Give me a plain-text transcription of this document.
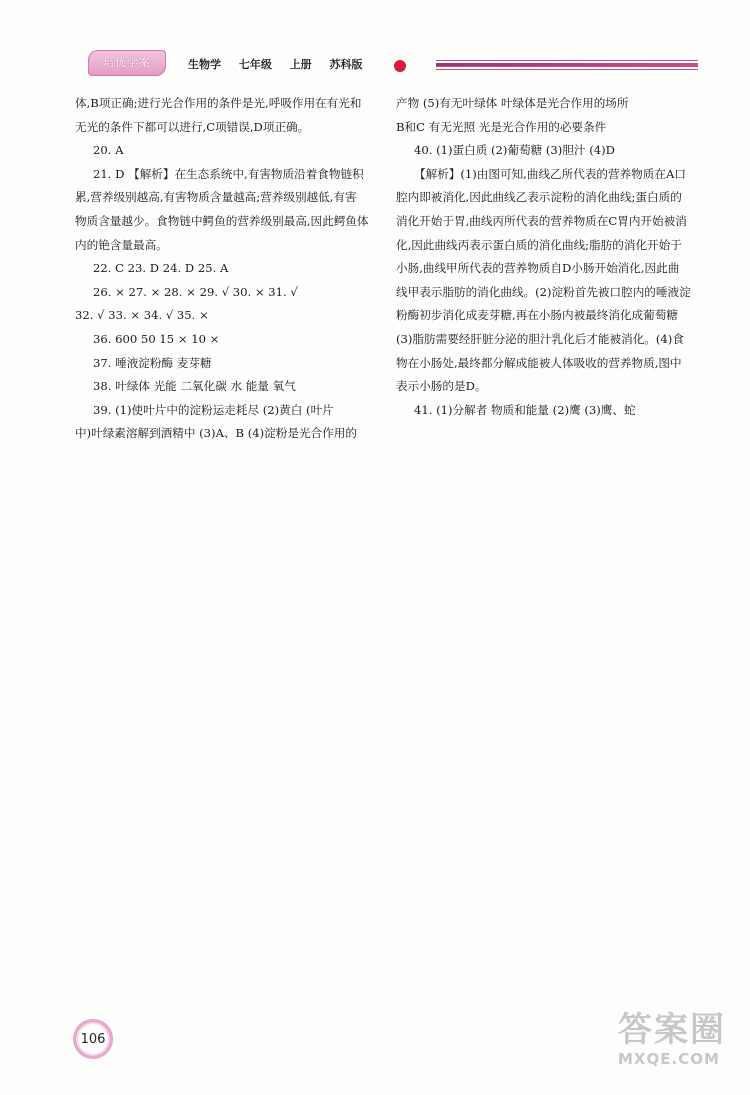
培优学案	生物学 七年级 上册 苏科版
体,B项正确;进行光合作用的条件是光,呼吸作用在有光和
无光的条件下都可以进行,C项错误,D项正确。
20. A
21. D 【解析】在生态系统中,有害物质沿着食物链积
累,营养级别越高,有害物质含量越高;营养级别越低,有害
物质含量越少。食物链中鳄鱼的营养级别最高,因此鳄鱼体
内的铯含量最高。
22. C 23. D 24. D 25. A
26. × 27. × 28. × 29. √ 30. × 31. √
32. √ 33. × 34. √ 35. ×
36. 600 50 15 × 10 ×
37. 唾液淀粉酶 麦芽糖
38. 叶绿体 光能 二氧化碳 水 能量 氧气
39. (1)使叶片中的淀粉运走耗尽 (2)黄白 (叶片
中)叶绿素溶解到酒精中 (3)A、B (4)淀粉是光合作用的
产物 (5)有无叶绿体 叶绿体是光合作用的场所
B和C 有无光照 光是光合作用的必要条件
40. (1)蛋白质 (2)葡萄糖 (3)胆汁 (4)D
【解析】(1)由图可知,曲线乙所代表的营养物质在A口
腔内即被消化,因此曲线乙表示淀粉的消化曲线;蛋白质的
消化开始于胃,曲线丙所代表的营养物质在C胃内开始被消
化,因此曲线丙表示蛋白质的消化曲线;脂肪的消化开始于
小肠,曲线甲所代表的营养物质自D小肠开始消化,因此曲
线甲表示脂肪的消化曲线。(2)淀粉首先被口腔内的唾液淀
粉酶初步消化成麦芽糖,再在小肠内被最终消化成葡萄糖
(3)脂肪需要经肝脏分泌的胆汁乳化后才能被消化。(4)食
物在小肠处,最终都分解成能被人体吸收的营养物质,图中
表示小肠的是D。
41. (1)分解者 物质和能量 (2)鹰 (3)鹰、蛇
106	答案圈
MXQE.COM
